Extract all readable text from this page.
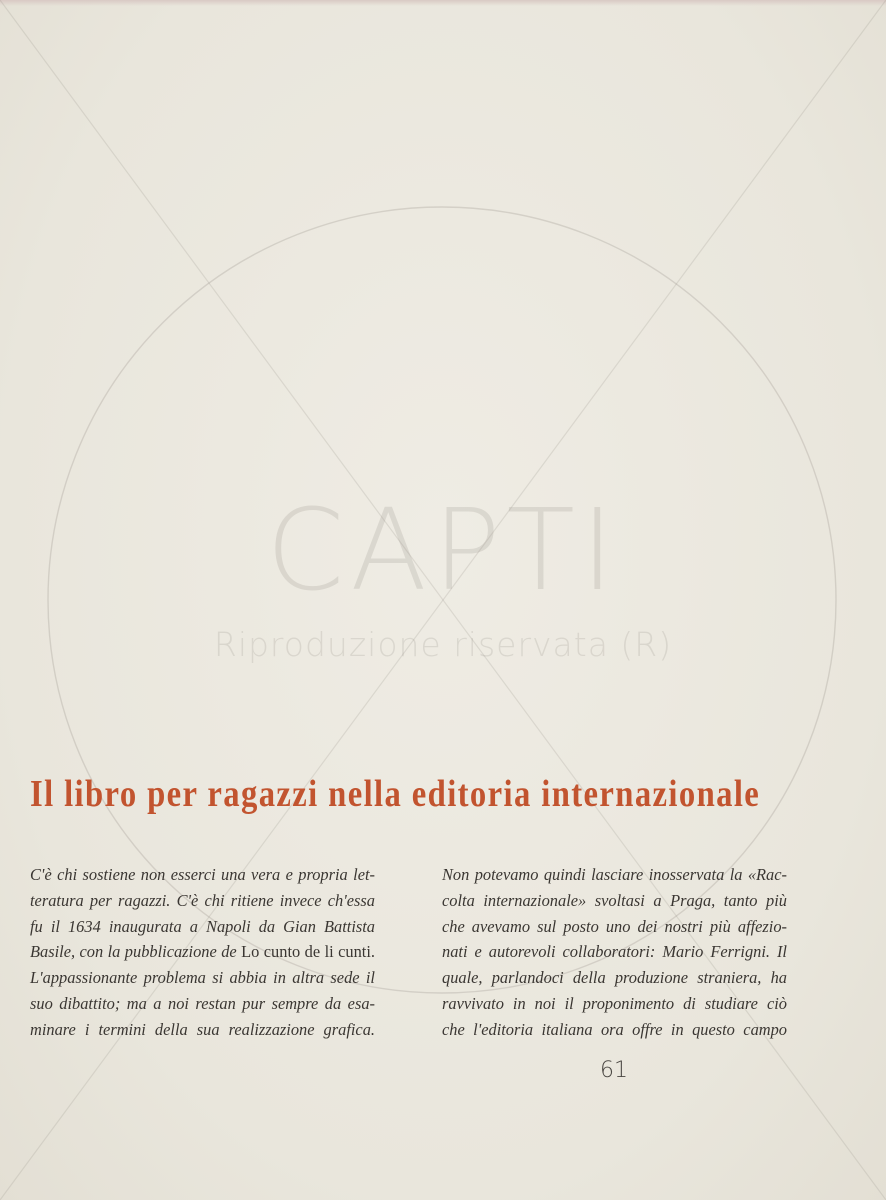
CAPTI
Riproduzione riservata (R)
Il libro per ragazzi nella editoria internazionale
C'è chi sostiene non esserci una vera e propria let-
teratura per ragazzi. C'è chi ritiene invece ch'essa
fu il 1634 inaugurata a Napoli da Gian Battista
Basile, con la pubblicazione de Lo cunto de li cunti.
L'appassionante problema si abbia in altra sede il
suo dibattito; ma a noi restan pur sempre da esa-
minare i termini della sua realizzazione grafica.
Non potevamo quindi lasciare inosservata la «Rac-
colta internazionale» svoltasi a Praga, tanto più
che avevamo sul posto uno dei nostri più affezio-
nati e autorevoli collaboratori: Mario Ferrigni. Il
quale, parlandoci della produzione straniera, ha
ravvivato in noi il proponimento di studiare ciò
che l'editoria italiana ora offre in questo campo
61
